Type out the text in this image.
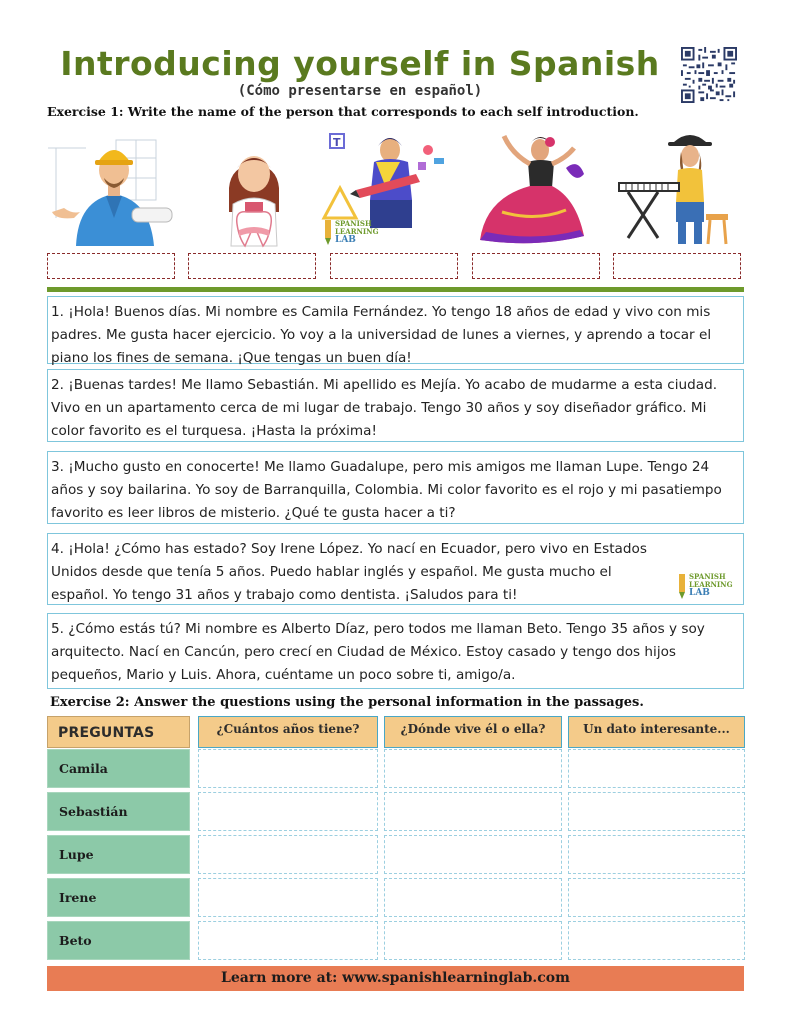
Introducing yourself in Spanish
(Cómo presentarse en español)
Exercise 1: Write the name of the person that corresponds to each self introduction.
T
SPANISH
LEARNING
LAB
1. ¡Hola! Buenos días. Mi nombre es Camila Fernández. Yo tengo 18 años de edad y vivo con mis padres. Me gusta hacer ejercicio. Yo voy a la universidad de lunes a viernes, y aprendo a tocar el piano los fines de semana. ¡Que tengas un buen día!
2. ¡Buenas tardes! Me llamo Sebastián. Mi apellido es Mejía. Yo acabo de mudarme a esta ciudad. Vivo en un apartamento cerca de mi lugar de trabajo. Tengo 30 años y soy diseñador gráfico. Mi color favorito es el turquesa. ¡Hasta la próxima!
3. ¡Mucho gusto en conocerte! Me llamo Guadalupe, pero mis amigos me llaman Lupe. Tengo 24 años y soy bailarina. Yo soy de Barranquilla, Colombia. Mi color favorito es el rojo y mi pasatiempo favorito es leer libros de misterio. ¿Qué te gusta hacer a ti?
4. ¡Hola! ¿Cómo has estado? Soy Irene López. Yo nací en Ecuador, pero vivo en Estados Unidos desde que tenía 5 años. Puedo hablar inglés y español. Me gusta mucho el español. Yo tengo 31 años y trabajo como dentista. ¡Saludos para ti!
SPANISH
LEARNING
LAB
5. ¿Cómo estás tú? Mi nombre es Alberto Díaz, pero todos me llaman Beto. Tengo 35 años y soy arquitecto. Nací en Cancún, pero crecí en Ciudad de México. Estoy casado y tengo dos hijos pequeños, Mario y Luis. Ahora, cuéntame un poco sobre ti, amigo/a.
Exercise 2: Answer the questions using the personal information in the passages.
PREGUNTAS	¿Cuántos años tiene?	¿Dónde vive él o ella?	Un dato interesante...
Camila
Sebastián
Lupe
Irene
Beto
Learn more at: www.spanishlearninglab.com
